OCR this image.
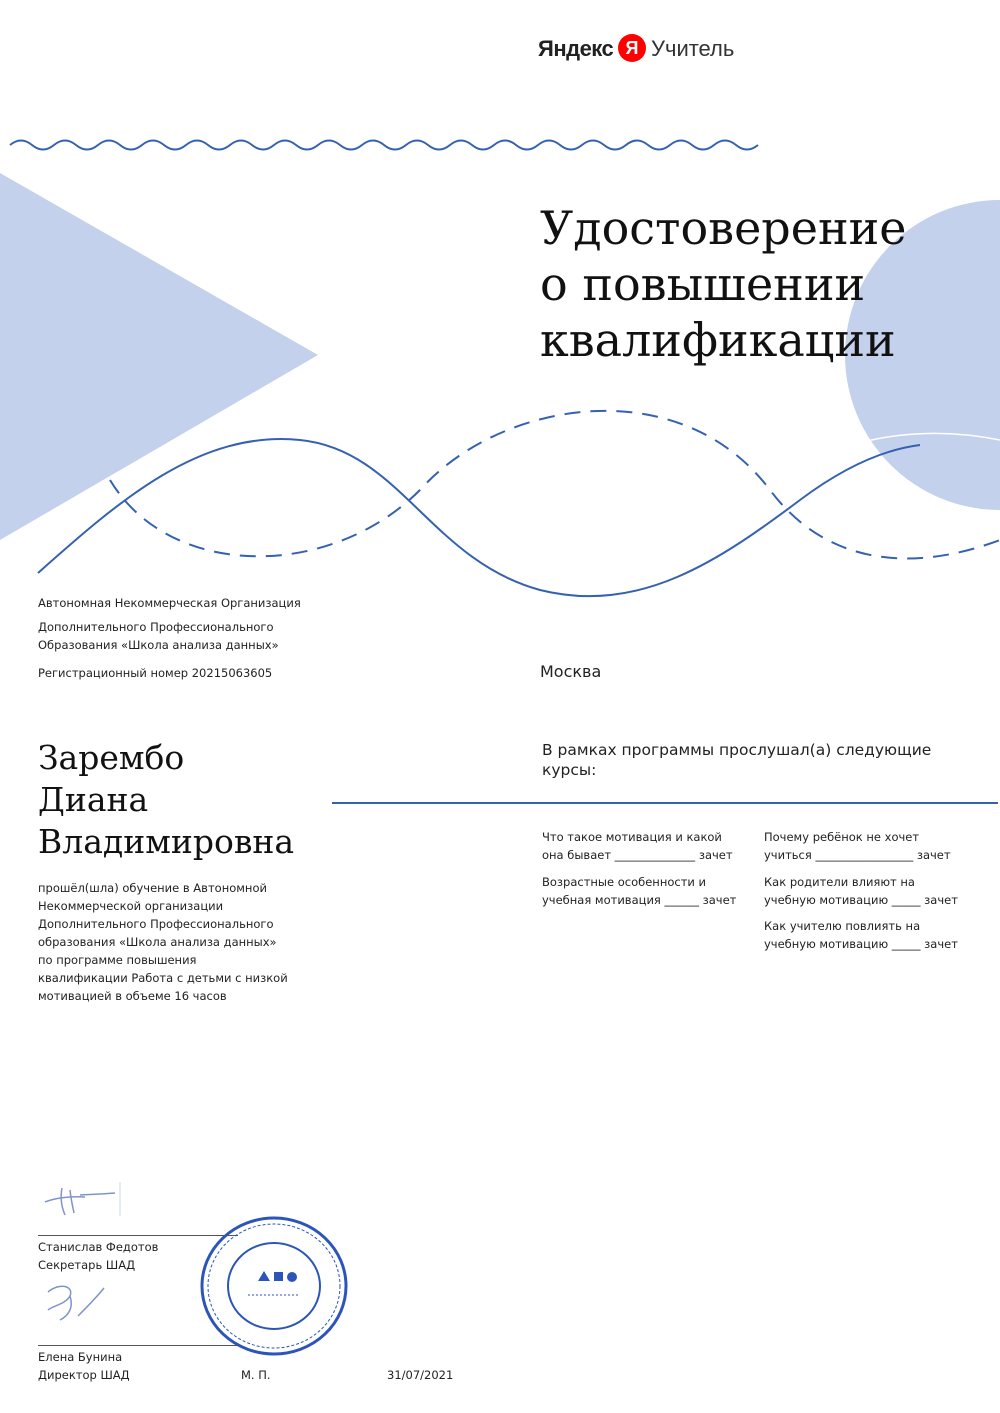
Яндекс Я Учитель
Удостоверение
о повышении
квалификации
Автономная Некоммерческая Организация
Дополнительного Профессионального
Образования «Школа анализа данных»
Регистрационный номер 20215063605	Москва
Зарембо
Диана
Владимировна
прошёл(шла) обучение в Автономной Некоммерческой организации Дополнительного Профессионального образования «Школа анализа данных» по программе повышения квалификации Работа с детьми с низкой мотивацией в объеме 16 часов
В рамках программы прослушал(а) следующие курсы:
Что такое мотивация и какой
она бывает ______________ зачет
Почему ребёнок не хочет
учиться _________________ зачет
Возрастные особенности и
учебная мотивация ______ зачет
Как родители влияют на
учебную мотивацию _____ зачет
Как учителю повлиять на
учебную мотивацию _____ зачет
Станислав Федотов
Секретарь ШАД
Елена Бунина
Директор ШАД	М. П.	31/07/2021
